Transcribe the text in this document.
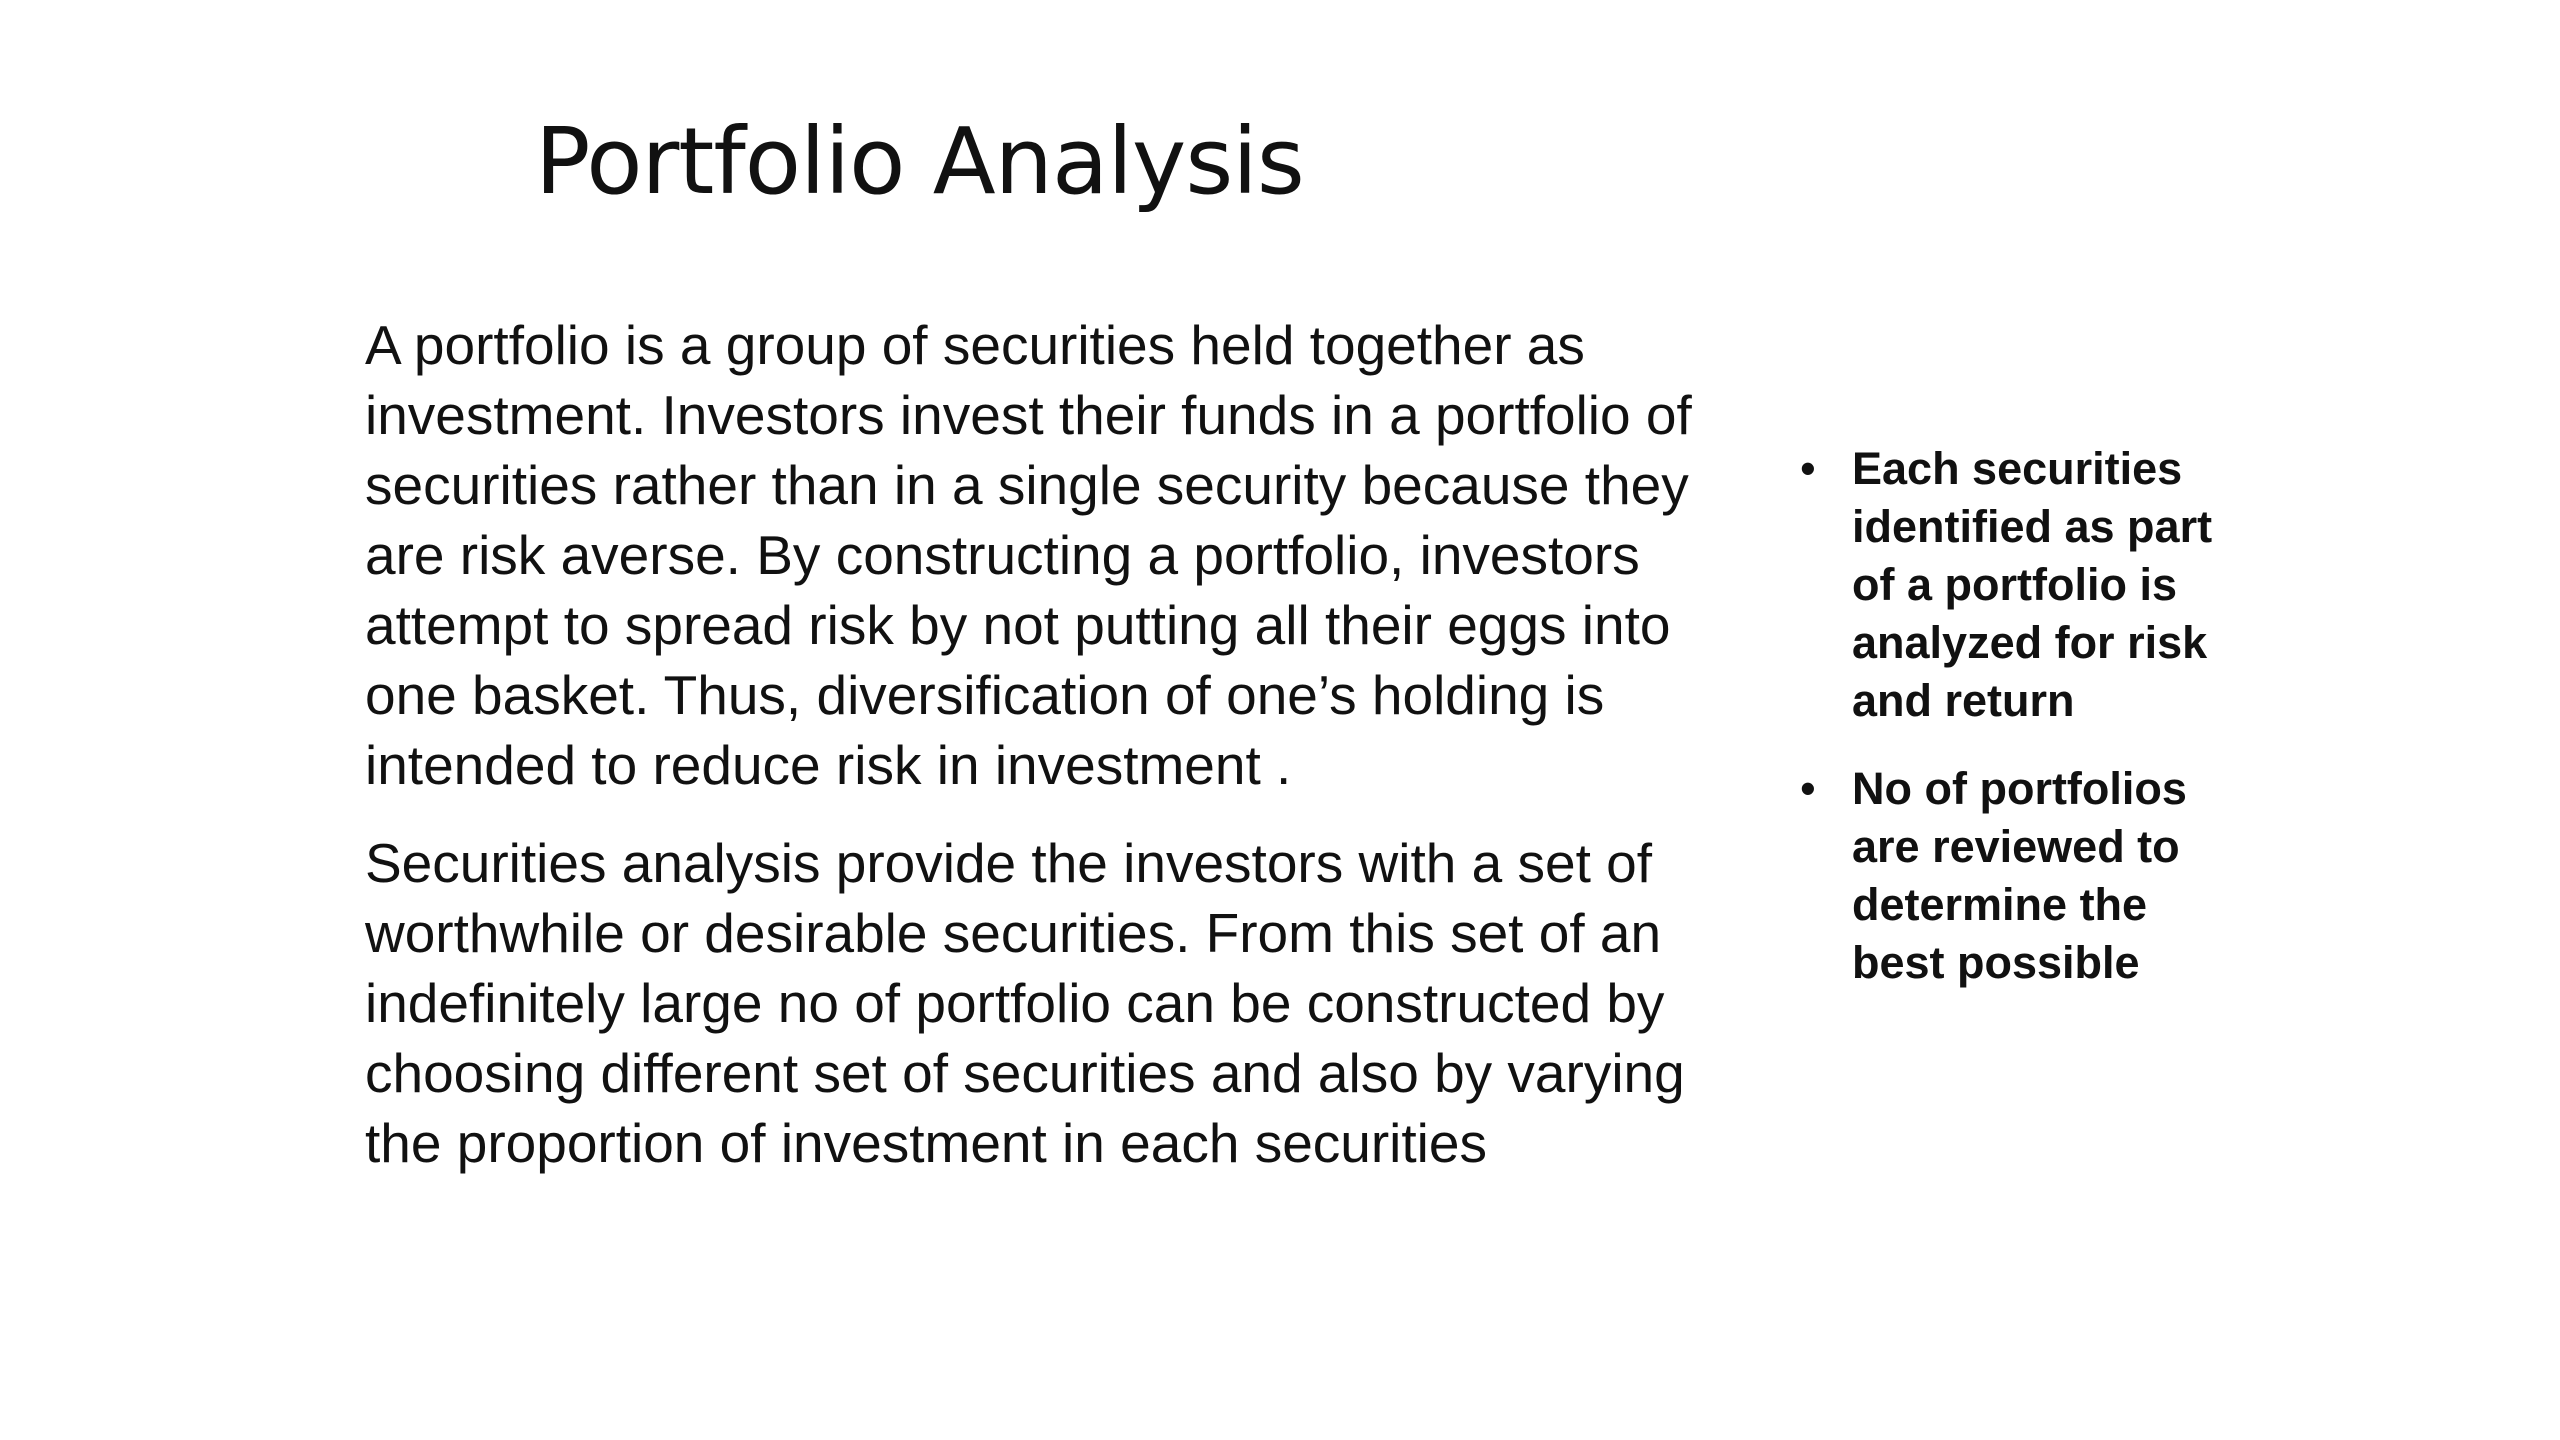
Portfolio Analysis

A portfolio is a group of securities held together as investment. Investors invest their funds in a portfolio of securities rather than in a single security because they are risk averse. By constructing a portfolio, investors attempt to spread risk by not putting all their eggs into one basket. Thus, diversification of one’s holding is intended to reduce risk in investment .

Securities analysis provide the investors with a set of worthwhile or desirable securities. From this set of an indefinitely large no of portfolio can be constructed by choosing different set of securities and also by varying the proportion of investment in each securities

• Each securities identified as part of a portfolio is analyzed for risk and return
• No of portfolios are reviewed to determine the best possible
